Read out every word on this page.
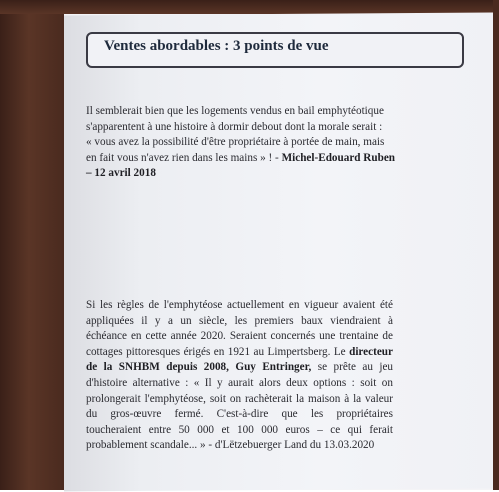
Ventes abordables : 3 points de vue
Il semblerait bien que les logements vendus en bail emphytéotique
s'apparentent à une histoire à dormir debout dont la morale serait :
« vous avez la possibilité d'être propriétaire à portée de main, mais
en fait vous n'avez rien dans les mains » ! - Michel-Edouard Ruben
– 12 avril 2018
Si les règles de l'emphytéose actuellement en vigueur avaient été
appliquées il y a un siècle, les premiers baux viendraient à
échéance en cette année 2020. Seraient concernés une trentaine de
cottages pittoresques érigés en 1921 au Limpertsberg. Le directeur
de la SNHBM depuis 2008, Guy Entringer, se prête au jeu
d'histoire alternative : « Il y aurait alors deux options : soit on
prolongerait l'emphytéose, soit on rachèterait la maison à la valeur
du gros-œuvre fermé. C'est-à-dire que les propriétaires
toucheraient entre 50 000 et 100 000 euros – ce qui ferait
probablement scandale... » - d'Lëtzebuerger Land du 13.03.2020
